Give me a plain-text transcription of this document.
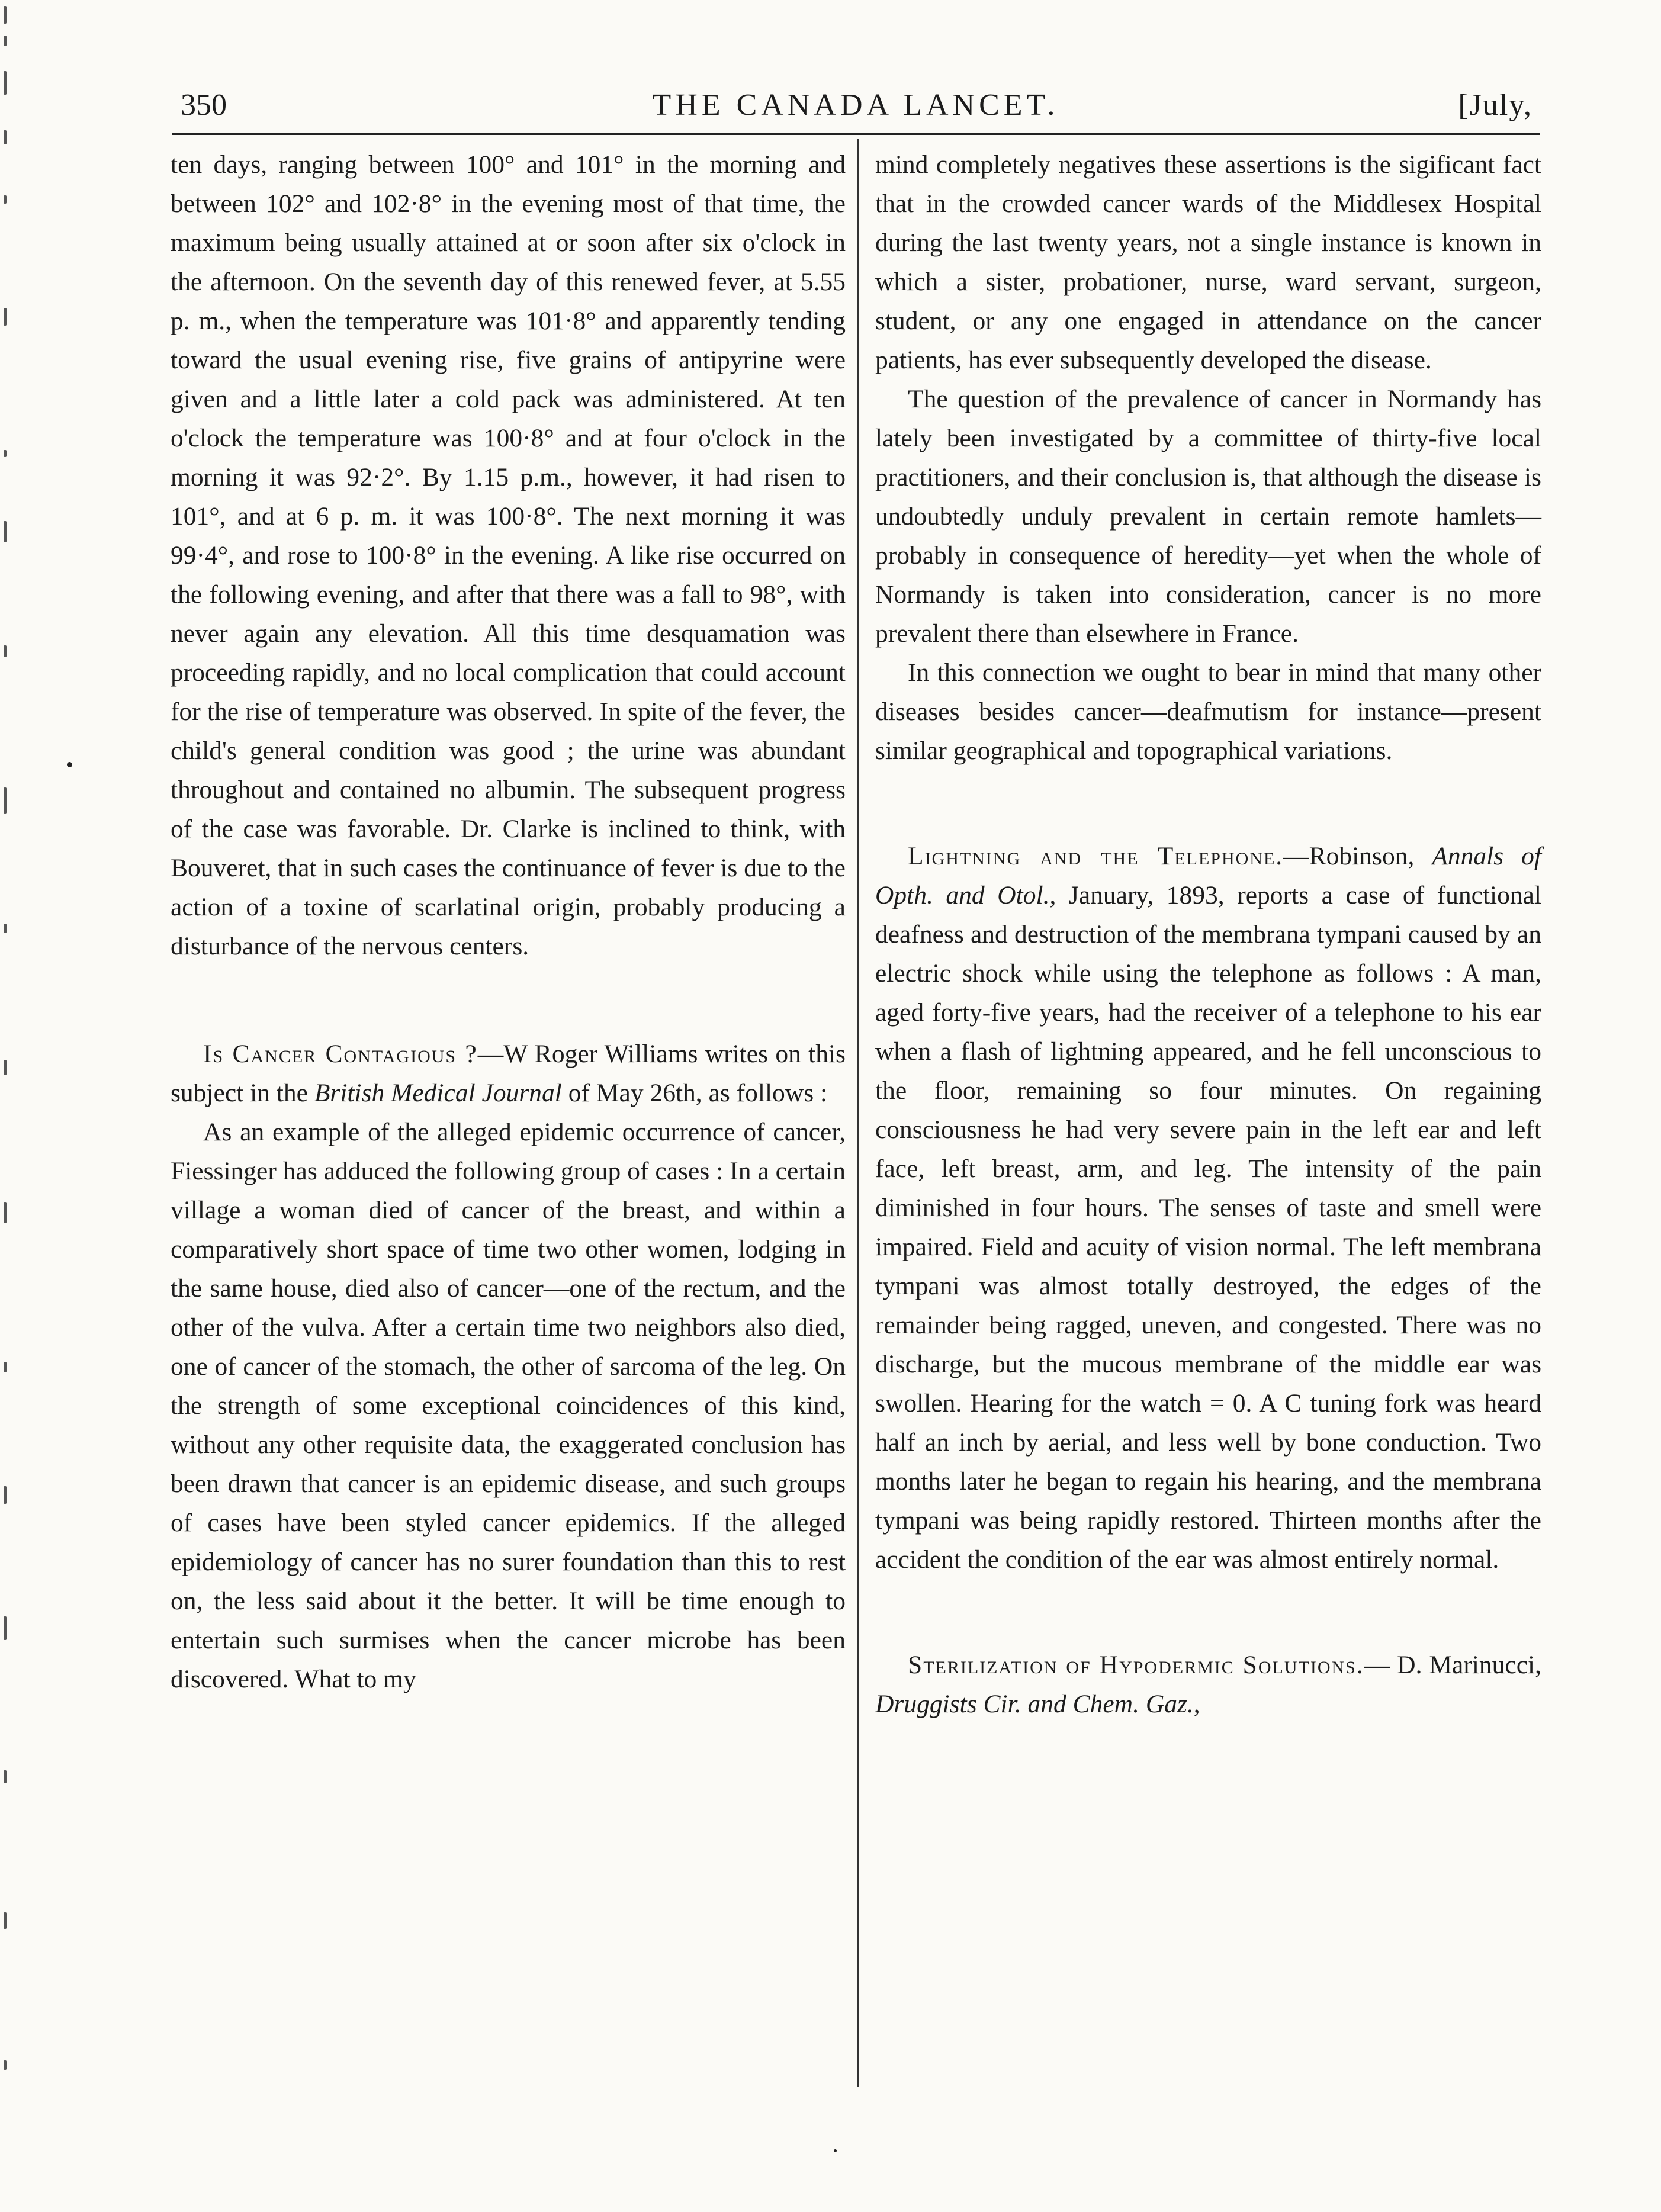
350	THE CANADA LANCET.	[July,

ten days, ranging between 100° and 101° in the morning and between 102° and 102·8° in the evening most of that time, the maximum being usually attained at or soon after six o'clock in the afternoon. On the seventh day of this renewed fever, at 5.55 p. m., when the temperature was 101·8° and apparently tending toward the usual evening rise, five grains of antipyrine were given and a little later a cold pack was administered. At ten o'clock the temperature was 100·8° and at four o'clock in the morning it was 92·2°. By 1.15 p.m., however, it had risen to 101°, and at 6 p. m. it was 100·8°. The next morning it was 99·4°, and rose to 100·8° in the evening. A like rise occurred on the following evening, and after that there was a fall to 98°, with never again any elevation. All this time desquamation was proceeding rapidly, and no local complication that could account for the rise of temperature was observed. In spite of the fever, the child's general condition was good ; the urine was abundant throughout and contained no albumin. The subsequent progress of the case was favorable. Dr. Clarke is inclined to think, with Bouveret, that in such cases the continuance of fever is due to the action of a toxine of scarlatinal origin, probably producing a disturbance of the nervous centers.

Is Cancer Contagious ?—W Roger Williams writes on this subject in the British Medical Journal of May 26th, as follows :

As an example of the alleged epidemic occurrence of cancer, Fiessinger has adduced the following group of cases : In a certain village a woman died of cancer of the breast, and within a comparatively short space of time two other women, lodging in the same house, died also of cancer—one of the rectum, and the other of the vulva. After a certain time two neighbors also died, one of cancer of the stomach, the other of sarcoma of the leg. On the strength of some exceptional coincidences of this kind, without any other requisite data, the exaggerated conclusion has been drawn that cancer is an epidemic disease, and such groups of cases have been styled cancer epidemics. If the alleged epidemiology of cancer has no surer foundation than this to rest on, the less said about it the better. It will be time enough to entertain such surmises when the cancer microbe has been discovered. What to my

mind completely negatives these assertions is the sigificant fact that in the crowded cancer wards of the Middlesex Hospital during the last twenty years, not a single instance is known in which a sister, probationer, nurse, ward servant, surgeon, student, or any one engaged in attendance on the cancer patients, has ever subsequently developed the disease.

The question of the prevalence of cancer in Normandy has lately been investigated by a committee of thirty-five local practitioners, and their conclusion is, that although the disease is undoubtedly unduly prevalent in certain remote hamlets—probably in consequence of heredity—yet when the whole of Normandy is taken into consideration, cancer is no more prevalent there than elsewhere in France.

In this connection we ought to bear in mind that many other diseases besides cancer—deafmutism for instance—present similar geographical and topographical variations.

Lightning and the Telephone.—Robinson, Annals of Opth. and Otol., January, 1893, reports a case of functional deafness and destruction of the membrana tympani caused by an electric shock while using the telephone as follows : A man, aged forty-five years, had the receiver of a telephone to his ear when a flash of lightning appeared, and he fell unconscious to the floor, remaining so four minutes. On regaining consciousness he had very severe pain in the left ear and left face, left breast, arm, and leg. The intensity of the pain diminished in four hours. The senses of taste and smell were impaired. Field and acuity of vision normal. The left membrana tympani was almost totally destroyed, the edges of the remainder being ragged, uneven, and congested. There was no discharge, but the mucous membrane of the middle ear was swollen. Hearing for the watch = 0. A C tuning fork was heard half an inch by aerial, and less well by bone conduction. Two months later he began to regain his hearing, and the membrana tympani was being rapidly restored. Thirteen months after the accident the condition of the ear was almost entirely normal.

Sterilization of Hypodermic Solutions.— D. Marinucci, Druggists Cir. and Chem. Gaz.,
